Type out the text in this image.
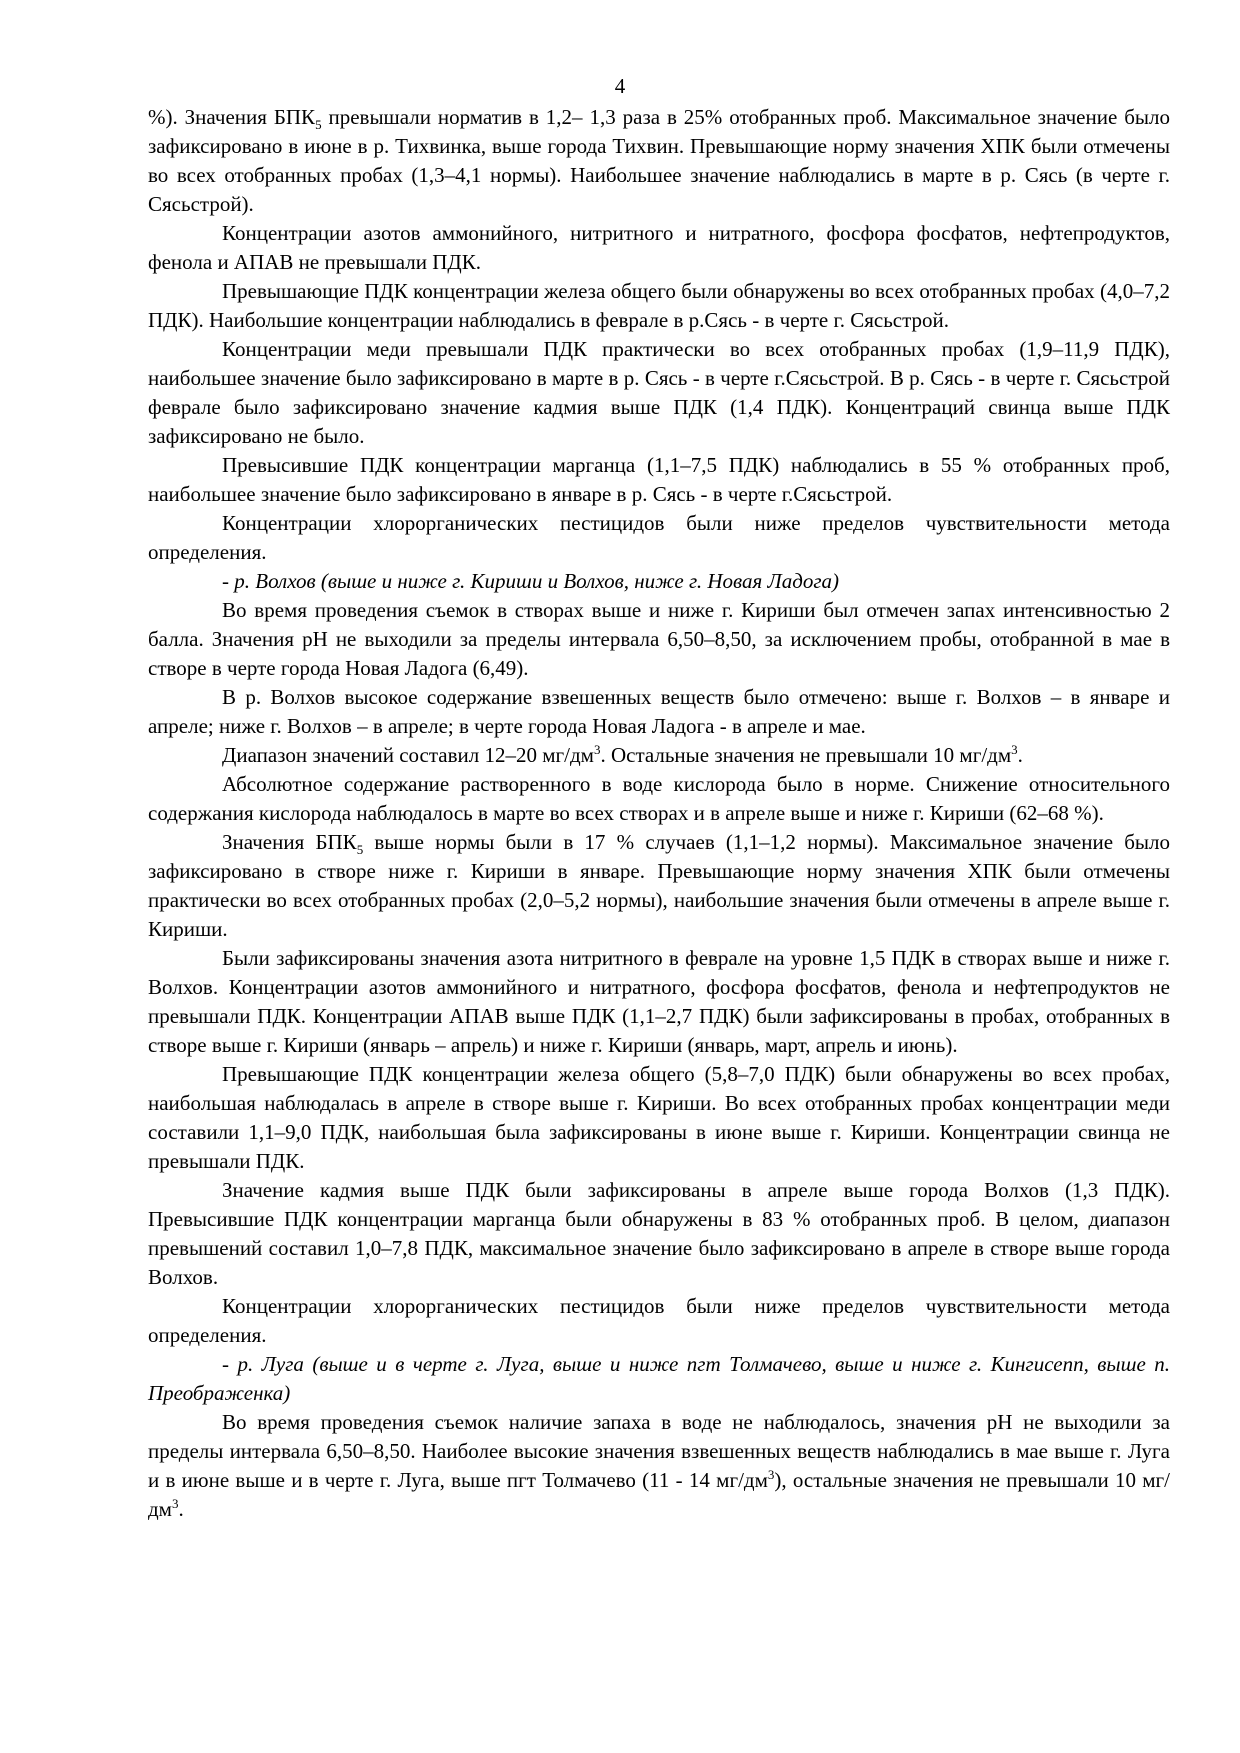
4

%). Значения $БПК_5$ превышали норматив в 1,2– 1,3 раза в 25% отобранных проб. Максимальное значение было зафиксировано в июне в р. Тихвинка, выше города Тихвин. Превышающие норму значения ХПК были отмечены во всех отобранных пробах (1,3–4,1 нормы). Наибольшее значение наблюдались в марте в р. Сясь (в черте г. Сясьстрой).

Концентрации азотов аммонийного, нитритного и нитратного, фосфора фосфатов, нефтепродуктов, фенола и АПАВ не превышали ПДК.

Превышающие ПДК концентрации железа общего были обнаружены во всех отобранных пробах (4,0–7,2 ПДК). Наибольшие концентрации наблюдались в феврале в р.Сясь - в черте г. Сясьстрой.

Концентрации меди превышали ПДК практически во всех отобранных пробах (1,9–11,9 ПДК), наибольшее значение было зафиксировано в марте в р. Сясь - в черте г.Сясьстрой. В р. Сясь - в черте г. Сясьстрой феврале было зафиксировано значение кадмия выше ПДК (1,4 ПДК). Концентраций свинца выше ПДК зафиксировано не было.

Превысившие ПДК концентрации марганца (1,1–7,5 ПДК) наблюдались в 55 % отобранных проб, наибольшее значение было зафиксировано в январе в р. Сясь - в черте г.Сясьстрой.

Концентрации хлорорганических пестицидов были ниже пределов чувствительности метода определения.

- р. Волхов (выше и ниже г. Кириши и Волхов, ниже г. Новая Ладога)

Во время проведения съемок в створах выше и ниже г. Кириши был отмечен запах интенсивностью 2 балла. Значения рН не выходили за пределы интервала 6,50–8,50, за исключением пробы, отобранной в мае в створе в черте города Новая Ладога (6,49).

В р. Волхов высокое содержание взвешенных веществ было отмечено: выше г. Волхов – в январе и апреле; ниже г. Волхов – в апреле; в черте города Новая Ладога - в апреле и мае.

Диапазон значений составил 12–20 $мг/дм^3$. Остальные значения не превышали 10 $мг/дм^3$.

Абсолютное содержание растворенного в воде кислорода было в норме. Снижение относительного содержания кислорода наблюдалось в марте во всех створах и в апреле выше и ниже г. Кириши (62–68 %).

Значения $БПК_5$ выше нормы были в 17 % случаев (1,1–1,2 нормы). Максимальное значение было зафиксировано в створе ниже г. Кириши в январе. Превышающие норму значения ХПК были отмечены практически во всех отобранных пробах (2,0–5,2 нормы), наибольшие значения были отмечены в апреле выше г. Кириши.

Были зафиксированы значения азота нитритного в феврале на уровне 1,5 ПДК в створах выше и ниже г. Волхов. Концентрации азотов аммонийного и нитратного, фосфора фосфатов, фенола и нефтепродуктов не превышали ПДК. Концентрации АПАВ выше ПДК (1,1–2,7 ПДК) были зафиксированы в пробах, отобранных в створе выше г. Кириши (январь – апрель) и ниже г. Кириши (январь, март, апрель и июнь).

Превышающие ПДК концентрации железа общего (5,8–7,0 ПДК) были обнаружены во всех пробах, наибольшая наблюдалась в апреле в створе выше г. Кириши. Во всех отобранных пробах концентрации меди составили 1,1–9,0 ПДК, наибольшая была зафиксированы в июне выше г. Кириши. Концентрации свинца не превышали ПДК.

Значение кадмия выше ПДК были зафиксированы в апреле выше города Волхов (1,3 ПДК). Превысившие ПДК концентрации марганца были обнаружены в 83 % отобранных проб. В целом, диапазон превышений составил 1,0–7,8 ПДК, максимальное значение было зафиксировано в апреле в створе выше города Волхов.

Концентрации хлорорганических пестицидов были ниже пределов чувствительности метода определения.

- р. Луга (выше и в черте г. Луга, выше и ниже пгт Толмачево, выше и ниже г. Кингисепп, выше п. Преображенка)

Во время проведения съемок наличие запаха в воде не наблюдалось, значения рН не выходили за пределы интервала 6,50–8,50. Наиболее высокие значения взвешенных веществ наблюдались в мае выше г. Луга и в июне выше и в черте г. Луга, выше пгт Толмачево (11 - 14 $мг/дм^3$), остальные значения не превышали 10 $мг/дм^3$.
